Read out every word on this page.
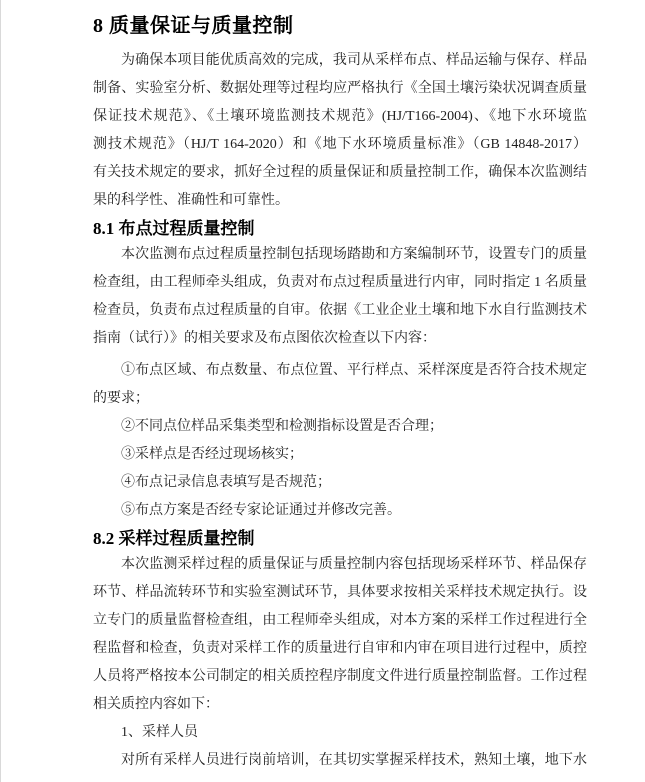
8 质量保证与质量控制
为确保本项目能优质高效的完成，我司从采样布点、样品运输与保存、样品
制备、实验室分析、数据处理等过程均应严格执行《全国土壤污染状况调查质量
保证技术规范》、《土壤环境监测技术规范》(HJ/T166-2004)、《地下水环境监
测技术规范》（HJ/T 164-2020）和《地下水环境质量标准》（GB 14848-2017）
有关技术规定的要求，抓好全过程的质量保证和质量控制工作，确保本次监测结
果的科学性、准确性和可靠性。
8.1 布点过程质量控制
本次监测布点过程质量控制包括现场踏勘和方案编制环节，设置专门的质量
检查组，由工程师牵头组成，负责对布点过程质量进行内审，同时指定 1 名质量
检查员，负责布点过程质量的自审。依据《工业企业土壤和地下水自行监测技术
指南（试行）》的相关要求及布点图依次检查以下内容：
①布点区域、布点数量、布点位置、平行样点、采样深度是否符合技术规定
的要求；
②不同点位样品采集类型和检测指标设置是否合理；
③采样点是否经过现场核实；
④布点记录信息表填写是否规范；
⑤布点方案是否经专家论证通过并修改完善。
8.2 采样过程质量控制
本次监测采样过程的质量保证与质量控制内容包括现场采样环节、样品保存
环节、样品流转环节和实验室测试环节，具体要求按相关采样技术规定执行。设
立专门的质量监督检查组，由工程师牵头组成，对本方案的采样工作过程进行全
程监督和检查，负责对采样工作的质量进行自审和内审在项目进行过程中，质控
人员将严格按本公司制定的相关质控程序制度文件进行质量控制监督。工作过程
相关质控内容如下：
1、采样人员
对所有采样人员进行岗前培训，在其切实掌握采样技术，熟知土壤，地下水
